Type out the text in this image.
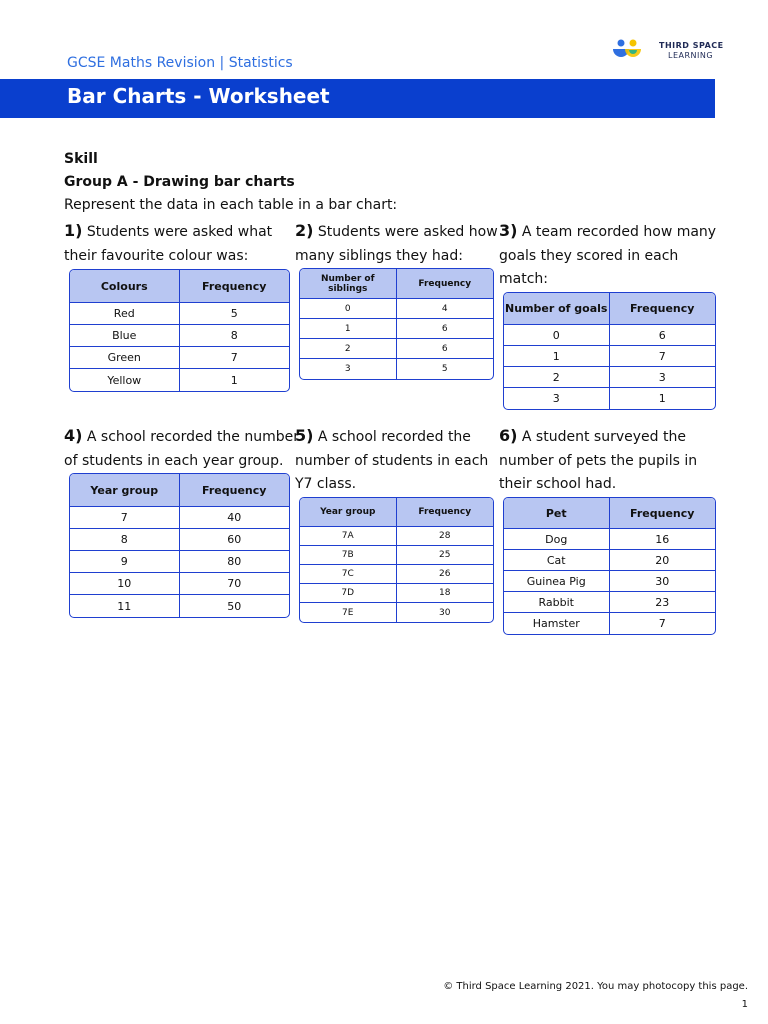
GCSE Maths Revision | Statistics
THIRD SPACE
LEARNING
Bar Charts - Worksheet
Skill
Group A - Drawing bar charts
Represent the data in each table in a bar chart:
1) Students were asked what
their favourite colour was:
Colours	Frequency
Red	5
Blue	8
Green	7
Yellow	1
2) Students were asked how
many siblings they had:
Number of siblings	Frequency
0	4
1	6
2	6
3	5
3) A team recorded how many
goals they scored in each
match:
Number of goals	Frequency
0	6
1	7
2	3
3	1
4) A school recorded the number
of students in each year group.
Year group	Frequency
7	40
8	60
9	80
10	70
11	50
5) A school recorded the
number of students in each
Y7 class.
Year group	Frequency
7A	28
7B	25
7C	26
7D	18
7E	30
6) A student surveyed the
number of pets the pupils in
their school had.
Pet	Frequency
Dog	16
Cat	20
Guinea Pig	30
Rabbit	23
Hamster	7
© Third Space Learning 2021. You may photocopy this page.
1
